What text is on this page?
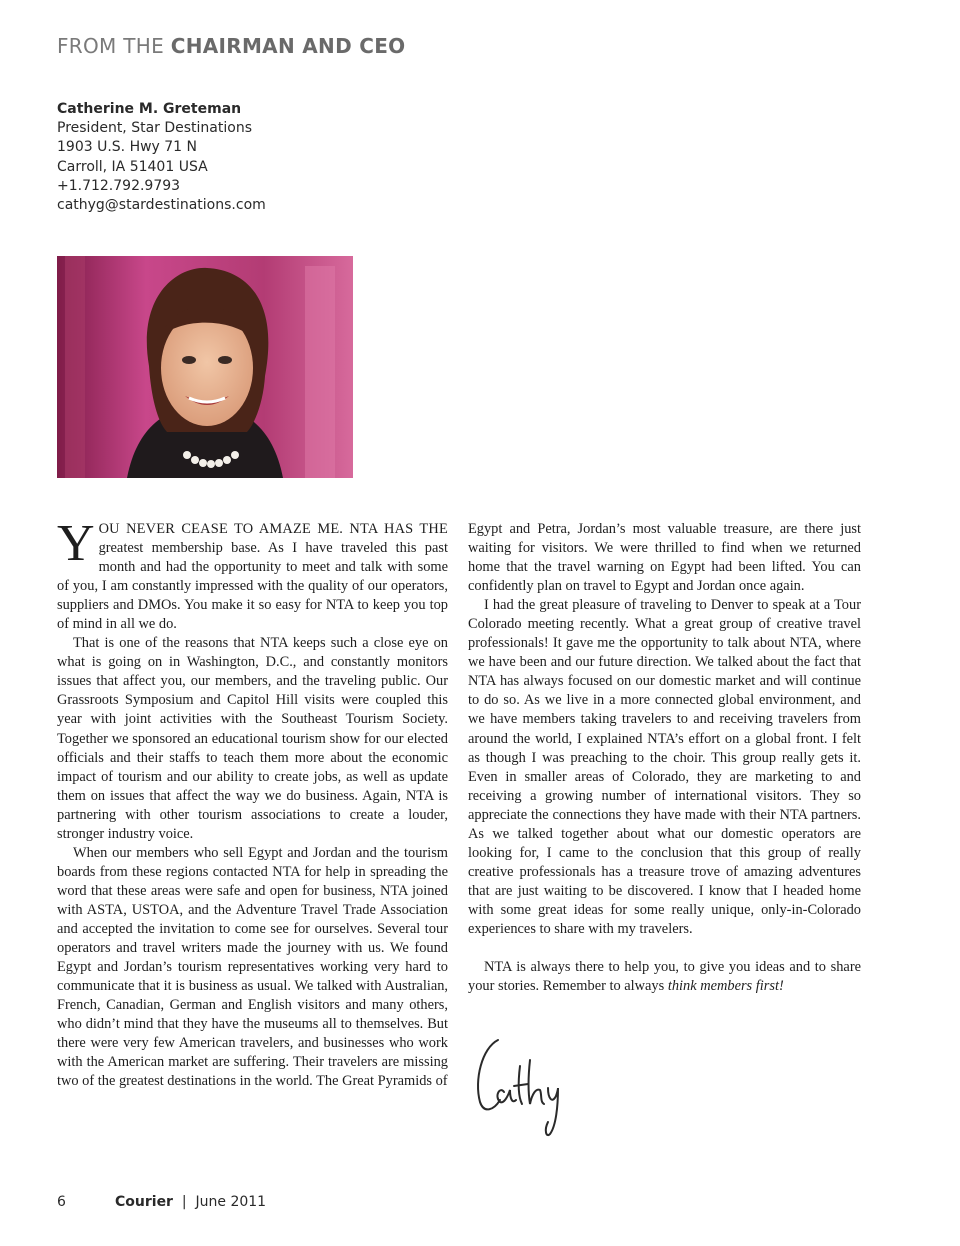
FROM THE CHAIRMAN AND CEO
Catherine M. Greteman
President, Star Destinations
1903 U.S. Hwy 71 N
Carroll, IA 51401 USA
+1.712.792.9793
cathyg@stardestinations.com

YOU NEVER CEASE TO AMAZE ME. NTA HAS THE greatest membership base. As I have traveled this past month and had the opportunity to meet and talk with some of you, I am constantly impressed with the quality of our operators, suppliers and DMOs. You make it so easy for NTA to keep you top of mind in all we do.

That is one of the reasons that NTA keeps such a close eye on what is going on in Washington, D.C., and constantly monitors issues that affect you, our members, and the traveling public. Our Grassroots Symposium and Capitol Hill visits were coupled this year with joint activities with the Southeast Tourism Society. Together we sponsored an educational tourism show for our elected officials and their staffs to teach them more about the economic impact of tourism and our ability to create jobs, as well as update them on issues that affect the way we do business. Again, NTA is partnering with other tourism associations to create a louder, stronger industry voice.

When our members who sell Egypt and Jordan and the tourism boards from these regions contacted NTA for help in spreading the word that these areas were safe and open for business, NTA joined with ASTA, USTOA, and the Adventure Travel Trade Association and accepted the invitation to come see for ourselves. Several tour operators and travel writers made the journey with us. We found Egypt and Jordan’s tourism representatives working very hard to communicate that it is business as usual. We talked with Australian, French, Canadian, German and English visitors and many others, who didn’t mind that they have the museums all to themselves. But there were very few American travelers, and businesses who work with the American market are suffering. Their travelers are missing two of the greatest destinations in the world. The Great Pyramids of

Egypt and Petra, Jordan’s most valuable treasure, are there just waiting for visitors. We were thrilled to find when we returned home that the travel warning on Egypt had been lifted. You can confidently plan on travel to Egypt and Jordan once again.

I had the great pleasure of traveling to Denver to speak at a Tour Colorado meeting recently. What a great group of creative travel professionals! It gave me the opportunity to talk about NTA, where we have been and our future direction. We talked about the fact that NTA has always focused on our domestic market and will continue to do so. As we live in a more connected global environment, and we have members taking travelers to and receiving travelers from around the world, I explained NTA’s effort on a global front. I felt as though I was preaching to the choir. This group really gets it. Even in smaller areas of Colorado, they are marketing to and receiving a growing number of international visitors. They so appreciate the connections they have made with their NTA partners. As we talked together about what our domestic operators are looking for, I came to the conclusion that this group of really creative professionals has a treasure trove of amazing adventures that are just waiting to be discovered. I know that I headed home with some great ideas for some really unique, only-in-Colorado experiences to share with my travelers.

NTA is always there to help you, to give you ideas and to share your stories. Remember to always think members first!

6	Courier | June 2011
